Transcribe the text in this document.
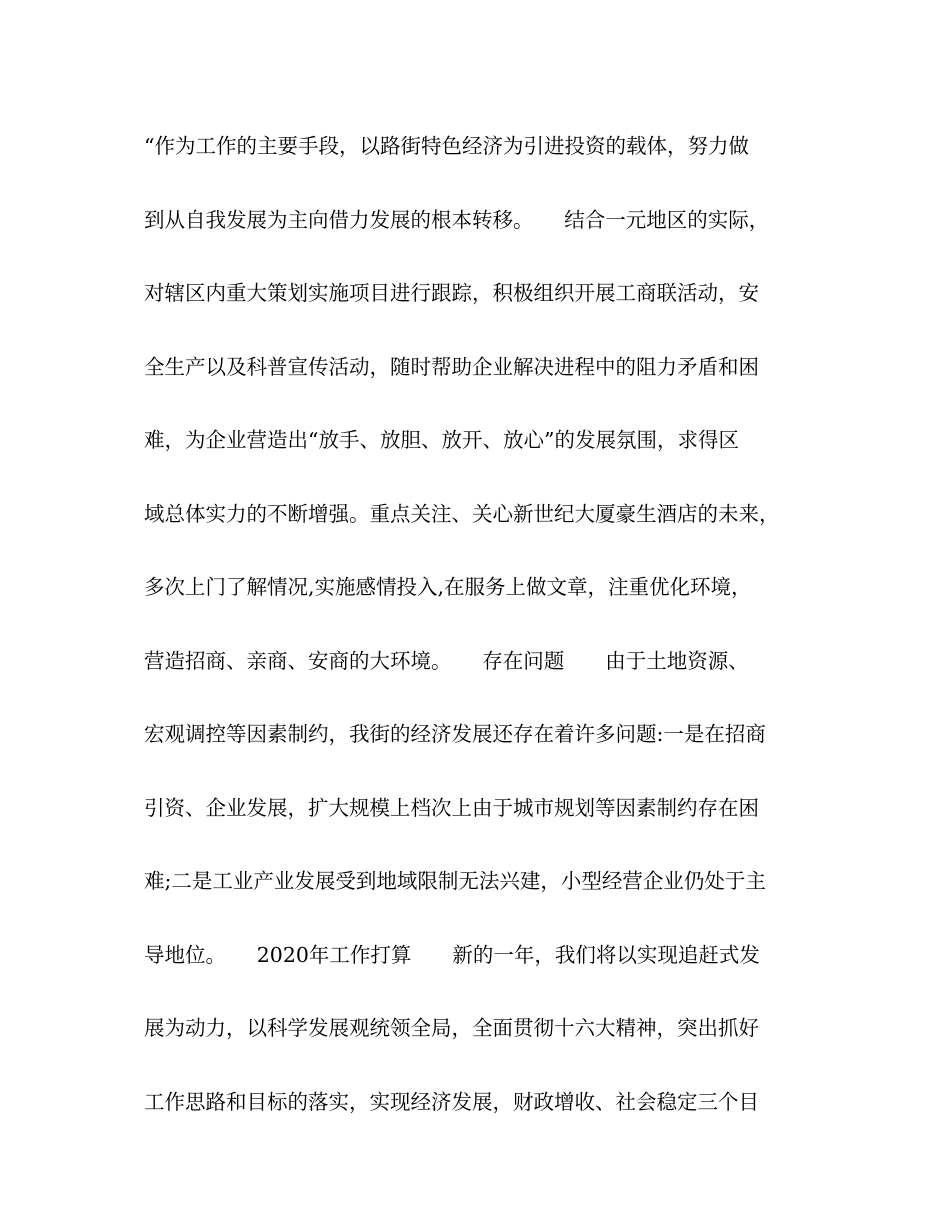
“作为工作的主要手段，以路街特色经济为引进投资的载体，努力做
到从自我发展为主向借力发展的根本转移。　　结合一元地区的实际，
对辖区内重大策划实施项目进行跟踪，积极组织开展工商联活动，安
全生产以及科普宣传活动，随时帮助企业解决进程中的阻力矛盾和困
难，为企业营造出“放手、放胆、放开、放心”的发展氛围，求得区
域总体实力的不断增强。重点关注、关心新世纪大厦豪生酒店的未来，
多次上门了解情况,实施感情投入,在服务上做文章，注重优化环境，
营造招商、亲商、安商的大环境。　　存在问题　　由于土地资源、
宏观调控等因素制约，我街的经济发展还存在着许多问题:一是在招商
引资、企业发展，扩大规模上档次上由于城市规划等因素制约存在困
难;二是工业产业发展受到地域限制无法兴建，小型经营企业仍处于主
导地位。　　2020年工作打算　　新的一年，我们将以实现追赶式发
展为动力，以科学发展观统领全局，全面贯彻十六大精神，突出抓好
工作思路和目标的落实，实现经济发展，财政增收、社会稳定三个目
